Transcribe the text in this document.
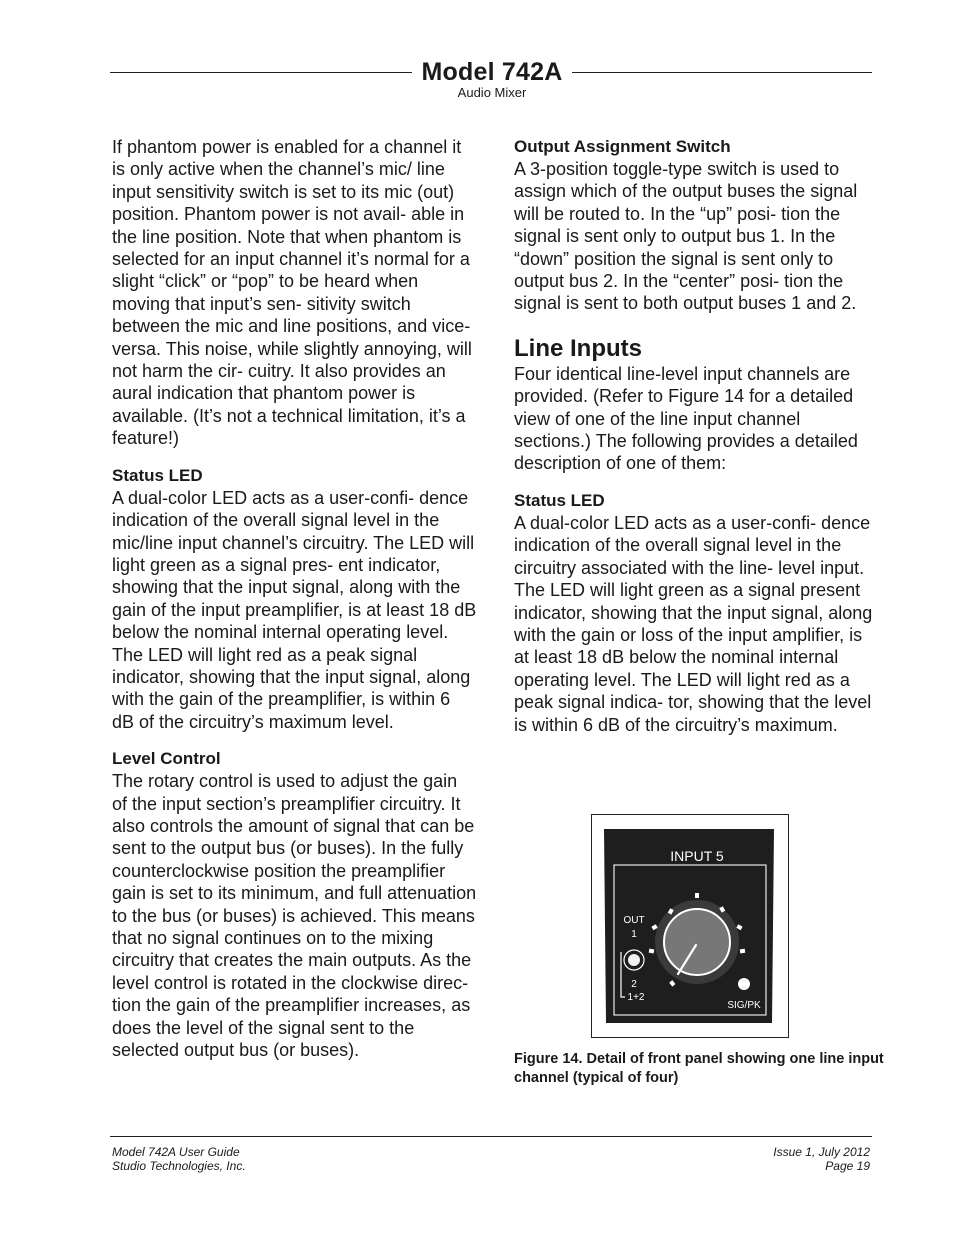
Model 742A
Audio Mixer

If phantom power is enabled for a channel it is only active when the channel’s mic/ line input sensitivity switch is set to its mic (out) position. Phantom power is not avail- able in the line position. Note that when phantom is selected for an input channel it’s normal for a slight “click” or “pop” to be heard when moving that input’s sen- sitivity switch between the mic and line positions, and vice-versa. This noise, while slightly annoying, will not harm the cir- cuitry. It also provides an aural indication that phantom power is available. (It’s not a technical limitation, it’s a feature!)

Status LED

A dual-color LED acts as a user-confi- dence indication of the overall signal level in the mic/line input channel’s circuitry. The LED will light green as a signal pres- ent indicator, showing that the input signal, along with the gain of the input preamplifier, is at least 18 dB below the nominal internal operating level. The LED will light red as a peak signal indicator, showing that the input signal, along with the gain of the preamplifier, is within 6 dB of the circuitry’s maximum level.

Level Control

The rotary control is used to adjust the gain of the input section’s preamplifier circuitry. It also controls the amount of signal that can be sent to the output bus (or buses). In the fully counterclockwise position the preamplifier gain is set to its minimum, and full attenuation to the bus (or buses) is achieved. This means that no signal continues on to the mixing circuitry that creates the main outputs. As the level control is rotated in the clockwise direc- tion the gain of the preamplifier increases, as does the level of the signal sent to the selected output bus (or buses).

Output Assignment Switch

A 3-position toggle-type switch is used to assign which of the output buses the signal will be routed to. In the “up” posi- tion the signal is sent only to output bus 1. In the “down” position the signal is sent only to output bus 2. In the “center” posi- tion the signal is sent to both output buses 1 and 2.

Line Inputs

Four identical line-level input channels are provided. (Refer to Figure 14 for a detailed view of one of the line input channel sections.) The following provides a detailed description of one of them:

Status LED

A dual-color LED acts as a user-confi- dence indication of the overall signal level in the circuitry associated with the line- level input. The LED will light green as a signal present indicator, showing that the input signal, along with the gain or loss of the input amplifier, is at least 18 dB below the nominal internal operating level. The LED will light red as a peak signal indica- tor, showing that the level is within 6 dB of the circuitry’s maximum.

INPUT 5
OUT
1
2
1+2
SIG/PK
Figure 14. Detail of front panel showing one line input channel (typical of four)
Model 742A User Guide
Studio Technologies, Inc.
Issue 1, July 2012
Page 19
